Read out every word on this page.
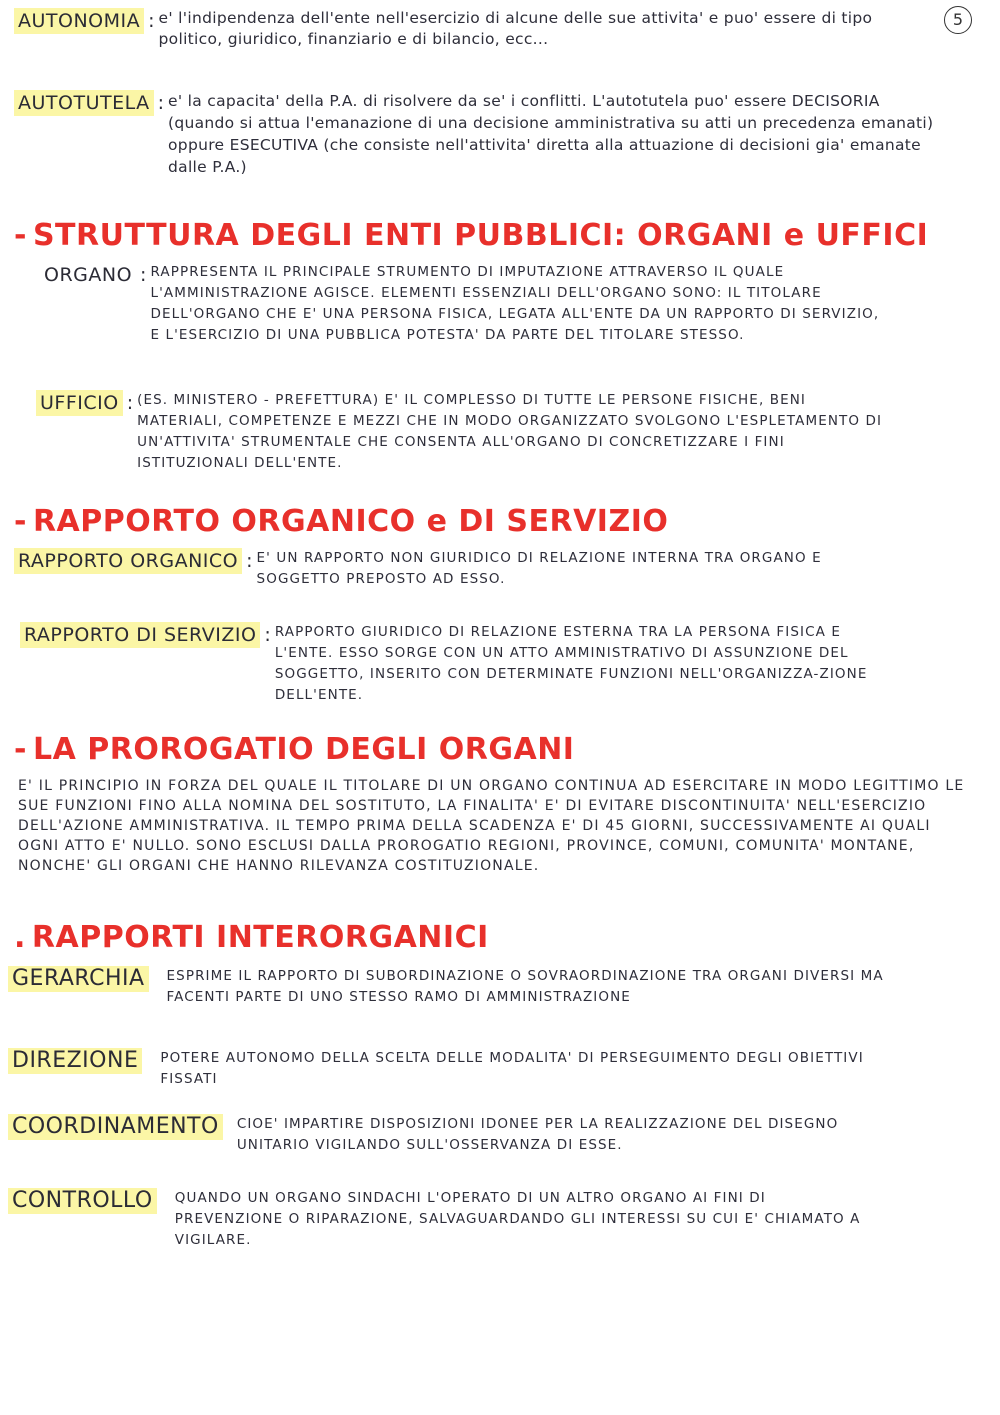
5
AUTONOMIA : e' l'indipendenza dell'ente nell'esercizio di alcune delle sue attivita' e puo' essere di tipo politico, giuridico, finanziario e di bilancio, ecc...
AUTOTUTELA : e' la capacita' della P.A. di risolvere da se' i conflitti. L'autotutela puo' essere DECISORIA (quando si attua l'emanazione di una decisione amministrativa su atti un precedenza emanati) oppure ESECUTIVA (che consiste nell'attivita' diretta alla attuazione di decisioni gia' emanate dalle P.A.)
- STRUTTURA DEGLI ENTI PUBBLICI: ORGANI e UFFICI
ORGANO : RAPPRESENTA IL PRINCIPALE STRUMENTO DI IMPUTAZIONE ATTRAVERSO IL QUALE L'AMMINISTRAZIONE AGISCE. ELEMENTI ESSENZIALI DELL'ORGANO SONO: IL TITOLARE DELL'ORGANO CHE E' UNA PERSONA FISICA, LEGATA ALL'ENTE DA UN RAPPORTO DI SERVIZIO, E L'ESERCIZIO DI UNA PUBBLICA POTESTA' DA PARTE DEL TITOLARE STESSO.
UFFICIO : (ES. MINISTERO - PREFETTURA) E' IL COMPLESSO DI TUTTE LE PERSONE FISICHE, BENI MATERIALI, COMPETENZE E MEZZI CHE IN MODO ORGANIZZATO SVOLGONO L'ESPLETAMENTO DI UN'ATTIVITA' STRUMENTALE CHE CONSENTA ALL'ORGANO DI CONCRETIZZARE I FINI ISTITUZIONALI DELL'ENTE.
- RAPPORTO ORGANICO e DI SERVIZIO
RAPPORTO ORGANICO : E' UN RAPPORTO NON GIURIDICO DI RELAZIONE INTERNA TRA ORGANO E SOGGETTO PREPOSTO AD ESSO.
RAPPORTO DI SERVIZIO : RAPPORTO GIURIDICO DI RELAZIONE ESTERNA TRA LA PERSONA FISICA E L'ENTE. ESSO SORGE CON UN ATTO AMMINISTRATIVO DI ASSUNZIONE DEL SOGGETTO, INSERITO CON DETERMINATE FUNZIONI NELL'ORGANIZZA-ZIONE DELL'ENTE.
- LA PROROGATIO DEGLI ORGANI
E' IL PRINCIPIO IN FORZA DEL QUALE IL TITOLARE DI UN ORGANO CONTINUA AD ESERCITARE IN MODO LEGITTIMO LE SUE FUNZIONI FINO ALLA NOMINA DEL SOSTITUTO, LA FINALITA' E' DI EVITARE DISCONTINUITA' NELL'ESERCIZIO DELL'AZIONE AMMINISTRATIVA. IL TEMPO PRIMA DELLA SCADENZA E' DI 45 GIORNI, SUCCESSIVAMENTE AI QUALI OGNI ATTO E' NULLO. SONO ESCLUSI DALLA PROROGATIO REGIONI, PROVINCE, COMUNI, COMUNITA' MONTANE, NONCHE' GLI ORGANI CHE HANNO RILEVANZA COSTITUZIONALE.
. RAPPORTI INTERORGANICI
GERARCHIA ESPRIME IL RAPPORTO DI SUBORDINAZIONE O SOVRAORDINAZIONE TRA ORGANI DIVERSI MA FACENTI PARTE DI UNO STESSO RAMO DI AMMINISTRAZIONE
DIREZIONE POTERE AUTONOMO DELLA SCELTA DELLE MODALITA' DI PERSEGUIMENTO DEGLI OBIETTIVI FISSATI
COORDINAMENTO CIOE' IMPARTIRE DISPOSIZIONI IDONEE PER LA REALIZZAZIONE DEL DISEGNO UNITARIO VIGILANDO SULL'OSSERVANZA DI ESSE.
CONTROLLO QUANDO UN ORGANO SINDACHI L'OPERATO DI UN ALTRO ORGANO AI FINI DI PREVENZIONE O RIPARAZIONE, SALVAGUARDANDO GLI INTERESSI SU CUI E' CHIAMATO A VIGILARE.
